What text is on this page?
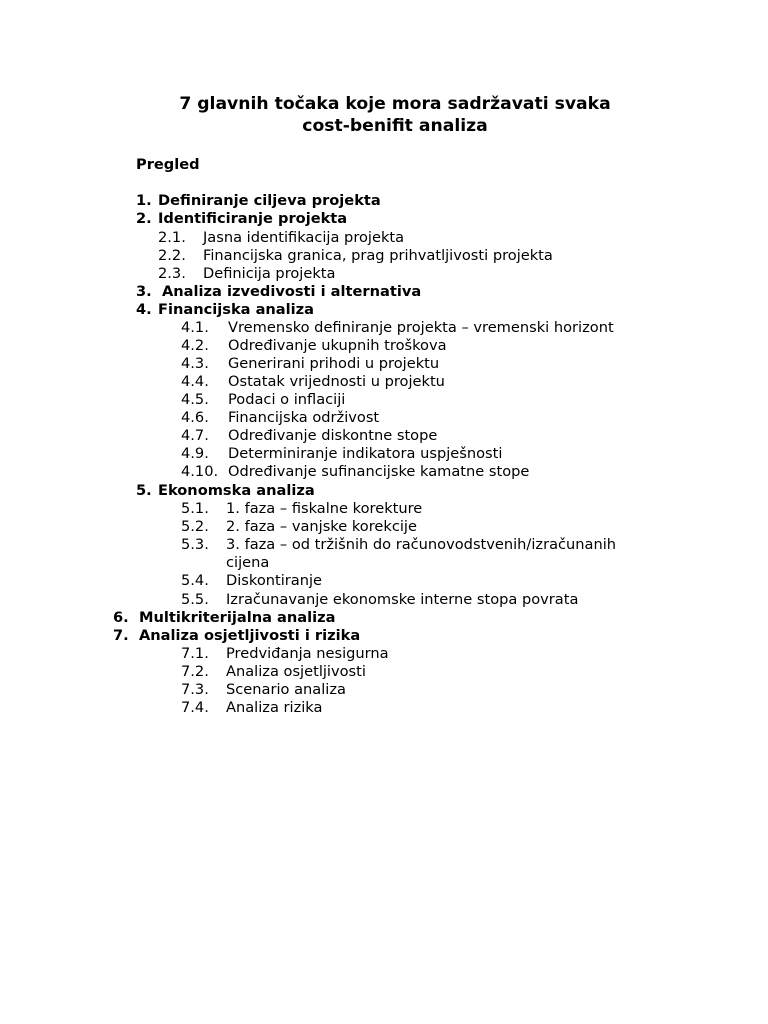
7 glavnih točaka koje mora sadržavati svaka
cost-benifit analiza
Pregled
1. Definiranje ciljeva projekta
2. Identificiranje projekta
2.1. Jasna identifikacija projekta
2.2. Financijska granica, prag prihvatljivosti projekta
2.3. Definicija projekta
3. Analiza izvedivosti i alternativa
4. Financijska analiza
4.1. Vremensko definiranje projekta – vremenski horizont
4.2. Određivanje ukupnih troškova
4.3. Generirani prihodi u projektu
4.4. Ostatak vrijednosti u projektu
4.5. Podaci o inflaciji
4.6. Financijska održivost
4.7. Određivanje diskontne stope
4.9. Determiniranje indikatora uspješnosti
4.10. Određivanje sufinancijske kamatne stope
5. Ekonomska analiza
5.1. 1. faza – fiskalne korekture
5.2. 2. faza – vanjske korekcije
5.3. 3. faza – od tržišnih do računovodstvenih/izračunanih
cijena
5.4. Diskontiranje
5.5. Izračunavanje ekonomske interne stopa povrata
6. Multikriterijalna analiza
7. Analiza osjetljivosti i rizika
7.1. Predviđanja nesigurna
7.2. Analiza osjetljivosti
7.3. Scenario analiza
7.4. Analiza rizika
